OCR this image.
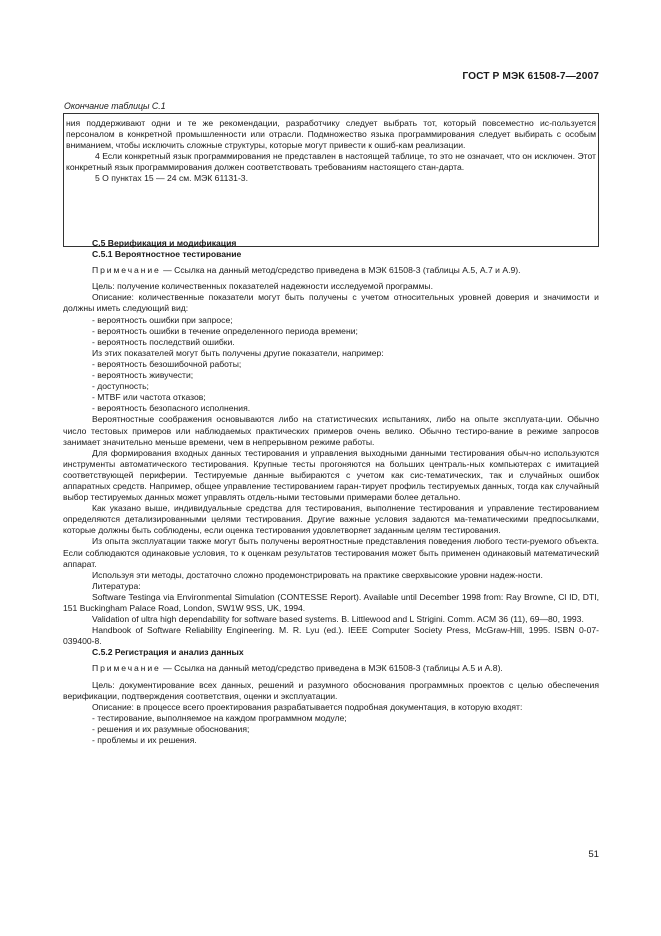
ГОСТ Р МЭК 61508-7—2007
Окончание таблицы С.1

ния поддерживают одни и те же рекомендации, разработчику следует выбрать тот, который повсеместно ис-пользуется персоналом в конкретной промышленности или отрасли. Подмножество языка программирования следует выбирать с особым вниманием, чтобы исключить сложные структуры, которые могут привести к ошиб-кам реализации.

4 Если конкретный язык программирования не представлен в настоящей таблице, то это не означает, что он исключен. Этот конкретный язык программирования должен соответствовать требованиям настоящего стан-дарта.

5 О пунктах 15 — 24 см. МЭК 61131-3.

С.5 Верификация и модификация

С.5.1 Вероятностное тестирование

Примечание — Ссылка на данный метод/средство приведена в МЭК 61508-3 (таблицы А.5, А.7 и А.9).

Цель: получение количественных показателей надежности исследуемой программы.

Описание: количественные показатели могут быть получены с учетом относительных уровней доверия и значимости и должны иметь следующий вид:

- вероятность ошибки при запросе;

- вероятность ошибки в течение определенного периода времени;

- вероятность последствий ошибки.

Из этих показателей могут быть получены другие показатели, например:

- вероятность безошибочной работы;

- вероятность живучести;

- доступность;

- MTBF или частота отказов;

- вероятность безопасного исполнения.

Вероятностные соображения основываются либо на статистических испытаниях, либо на опыте эксплуата-ции. Обычно число тестовых примеров или наблюдаемых практических примеров очень велико. Обычно тестиро-вание в режиме запросов занимает значительно меньше времени, чем в непрерывном режиме работы.

Для формирования входных данных тестирования и управления выходными данными тестирования обыч-но используются инструменты автоматического тестирования. Крупные тесты прогоняются на больших централь-ных компьютерах с имитацией соответствующей периферии. Тестируемые данные выбираются с учетом как сис-тематических, так и случайных ошибок аппаратных средств. Например, общее управление тестированием гаран-тирует профиль тестируемых данных, тогда как случайный выбор тестируемых данных может управлять отдель-ными тестовыми примерами более детально.

Как указано выше, индивидуальные средства для тестирования, выполнение тестирования и управление тестированием определяются детализированными целями тестирования. Другие важные условия задаются ма-тематическими предпосылками, которые должны быть соблюдены, если оценка тестирования удовлетворяет заданным целям тестирования.

Из опыта эксплуатации также могут быть получены вероятностные представления поведения любого тести-руемого объекта. Если соблюдаются одинаковые условия, то к оценкам результатов тестирования может быть применен одинаковый математический аппарат.

Используя эти методы, достаточно сложно продемонстрировать на практике сверхвысокие уровни надеж-ности.

Литература:

Software Testinga via Environmental Simulation (CONTESSE Report). Available until December 1998 from: Ray Browne, Cl ID, DTI, 151 Buckingham Palace Road, London, SW1W 9SS, UK, 1994.

Validation of ultra high dependability for software based systems. B. Littlewood and L Strigini. Comm. ACM 36 (11), 69—80, 1993.

Handbook of Software Reliability Engineering. M. R. Lyu (ed.). IEEE Computer Society Press, McGraw-Hill, 1995. ISBN 0-07-039400-8.

С.5.2 Регистрация и анализ данных

Примечание — Ссылка на данный метод/средство приведена в МЭК 61508-3 (таблицы А.5 и А.8).

Цель: документирование всех данных, решений и разумного обоснования программных проектов с целью обеспечения верификации, подтверждения соответствия, оценки и эксплуатации.

Описание: в процессе всего проектирования разрабатывается подробная документация, в которую входят:

- тестирование, выполняемое на каждом программном модуле;

- решения и их разумные обоснования;

- проблемы и их решения.

51
